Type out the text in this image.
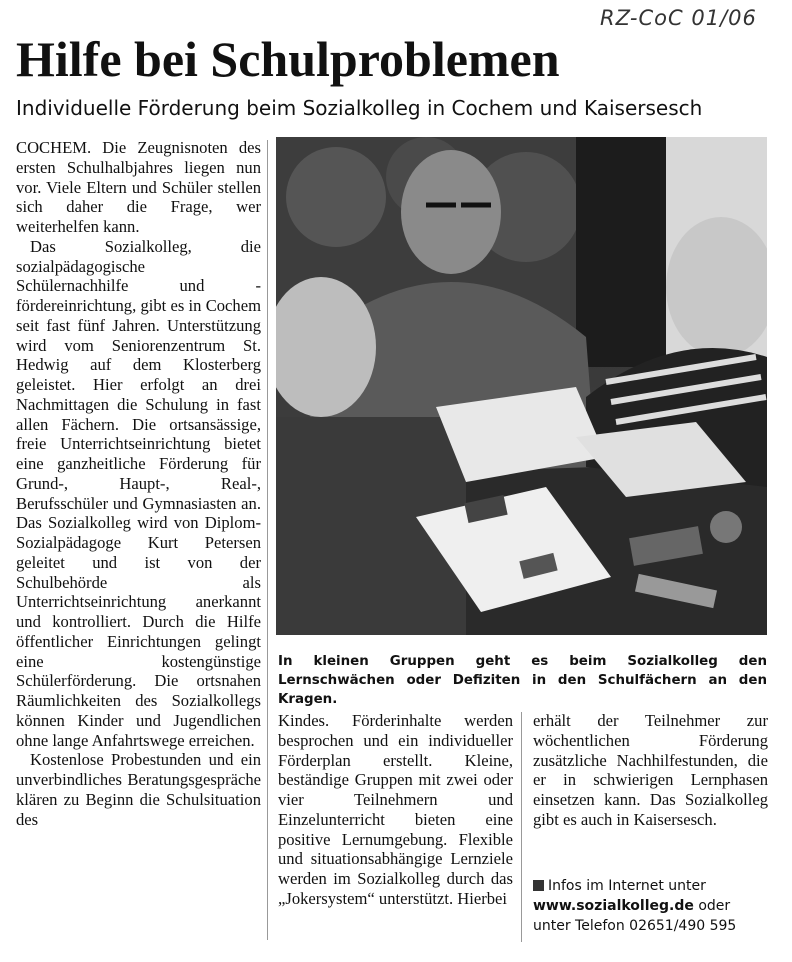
RZ-CoC 01/06
Hilfe bei Schulproblemen
Individuelle Förderung beim Sozialkolleg in Cochem und Kaisersesch

COCHEM. Die Zeugnisnoten des ersten Schulhalbjahres liegen nun vor. Viele Eltern und Schüler stellen sich daher die Frage, wer weiterhelfen kann.

Das Sozialkolleg, die sozialpädagogische Schülernachhilfe und -fördereinrichtung, gibt es in Cochem seit fast fünf Jahren. Unterstützung wird vom Seniorenzentrum St. Hedwig auf dem Klosterberg geleistet. Hier erfolgt an drei Nachmittagen die Schulung in fast allen Fächern. Die ortsansässige, freie Unterrichtseinrichtung bietet eine ganzheitliche Förderung für Grund-, Haupt-, Real-, Berufsschüler und Gymnasiasten an. Das Sozialkolleg wird von Diplom-Sozialpädagoge Kurt Petersen geleitet und ist von der Schulbehörde als Unterrichtseinrichtung anerkannt und kontrolliert. Durch die Hilfe öffentlicher Einrichtungen gelingt eine kostengünstige Schülerförderung. Die ortsnahen Räumlichkeiten des Sozialkollegs können Kinder und Jugendlichen ohne lange Anfahrtswege erreichen.

Kostenlose Probestunden und ein unverbindliches Beratungsgespräche klären zu Beginn die Schulsituation des

In kleinen Gruppen geht es beim Sozialkolleg den Lernschwächen oder Defiziten in den Schulfächern an den Kragen.

Kindes. Förderinhalte werden besprochen und ein individueller Förderplan erstellt. Kleine, beständige Gruppen mit zwei oder vier Teilnehmern und Einzelunterricht bieten eine positive Lernumgebung. Flexible und situationsabhängige Lernziele werden im Sozialkolleg durch das „Jokersystem“ unterstützt. Hierbei

erhält der Teilnehmer zur wöchentlichen Förderung zusätzliche Nachhilfestunden, die er in schwierigen Lernphasen einsetzen kann. Das Sozialkolleg gibt es auch in Kaisersesch.

Infos im Internet unter
www.sozialkolleg.de oder unter Telefon 02651/490 595
